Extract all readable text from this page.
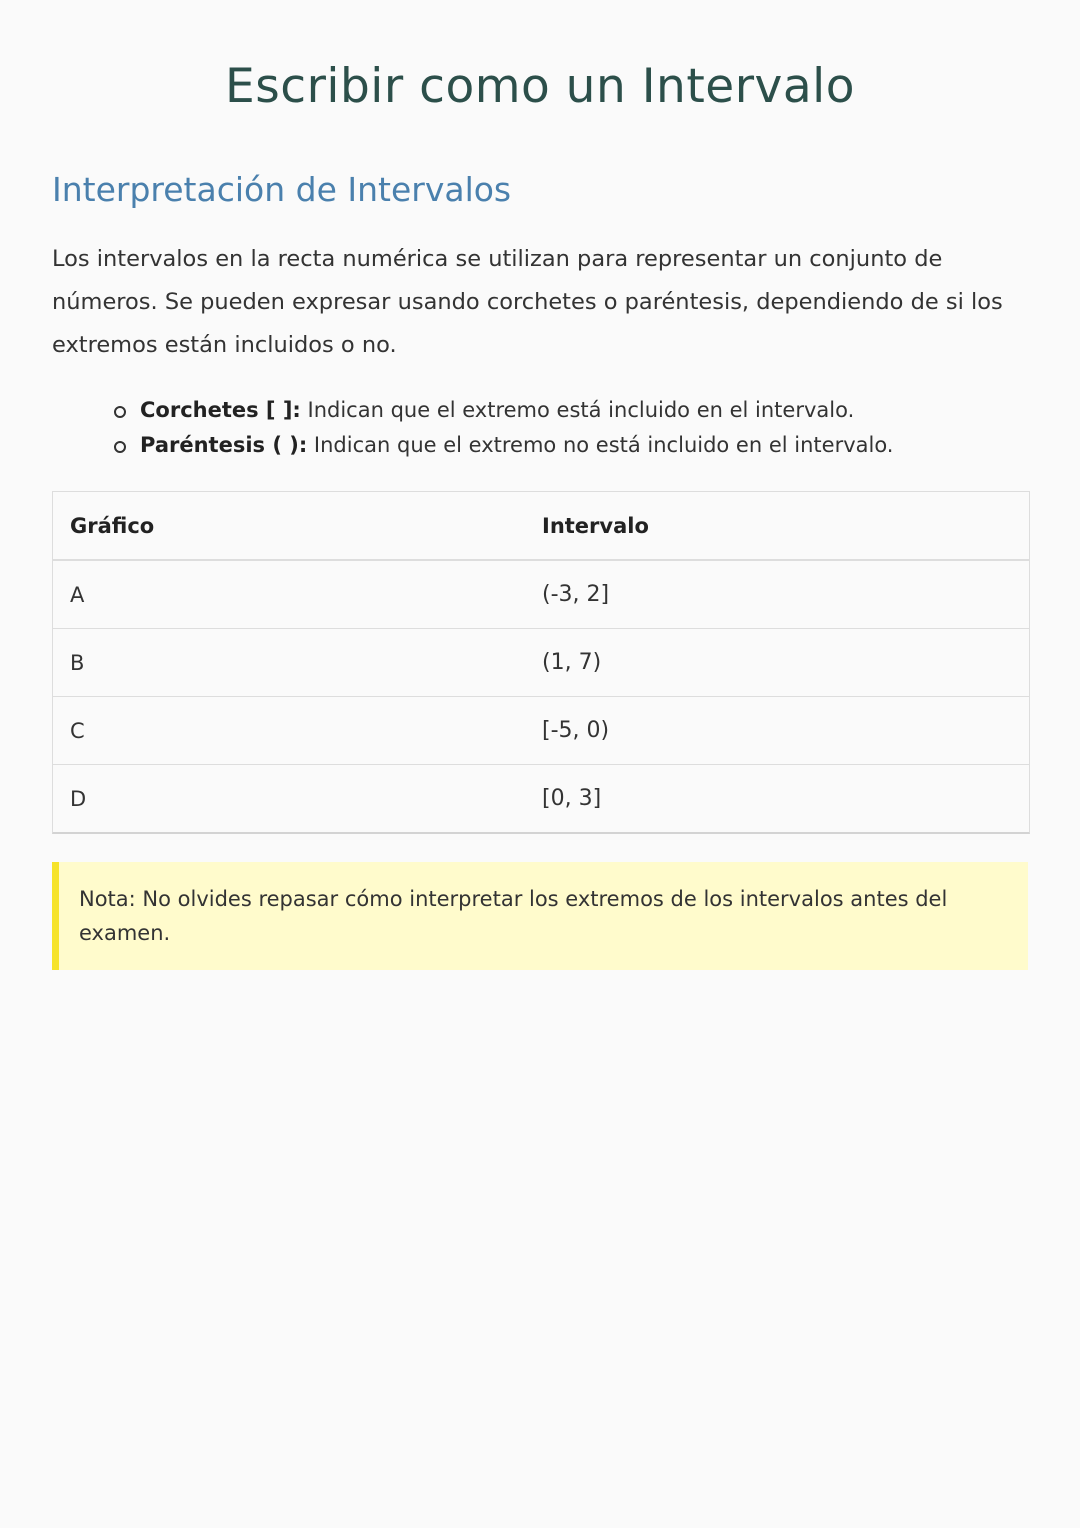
Escribir como un Intervalo
Interpretación de Intervalos

Los intervalos en la recta numérica se utilizan para representar un conjunto de números. Se pueden expresar usando corchetes o paréntesis, dependiendo de si los extremos están incluidos o no.

Corchetes [ ]: Indican que el extremo está incluido en el intervalo.
Paréntesis ( ): Indican que el extremo no está incluido en el intervalo.
Gráfico	Intervalo
A	(-3, 2]
B	(1, 7)
C	[-5, 0)
D	[0, 3]
Nota: No olvides repasar cómo interpretar los extremos de los intervalos antes del examen.
